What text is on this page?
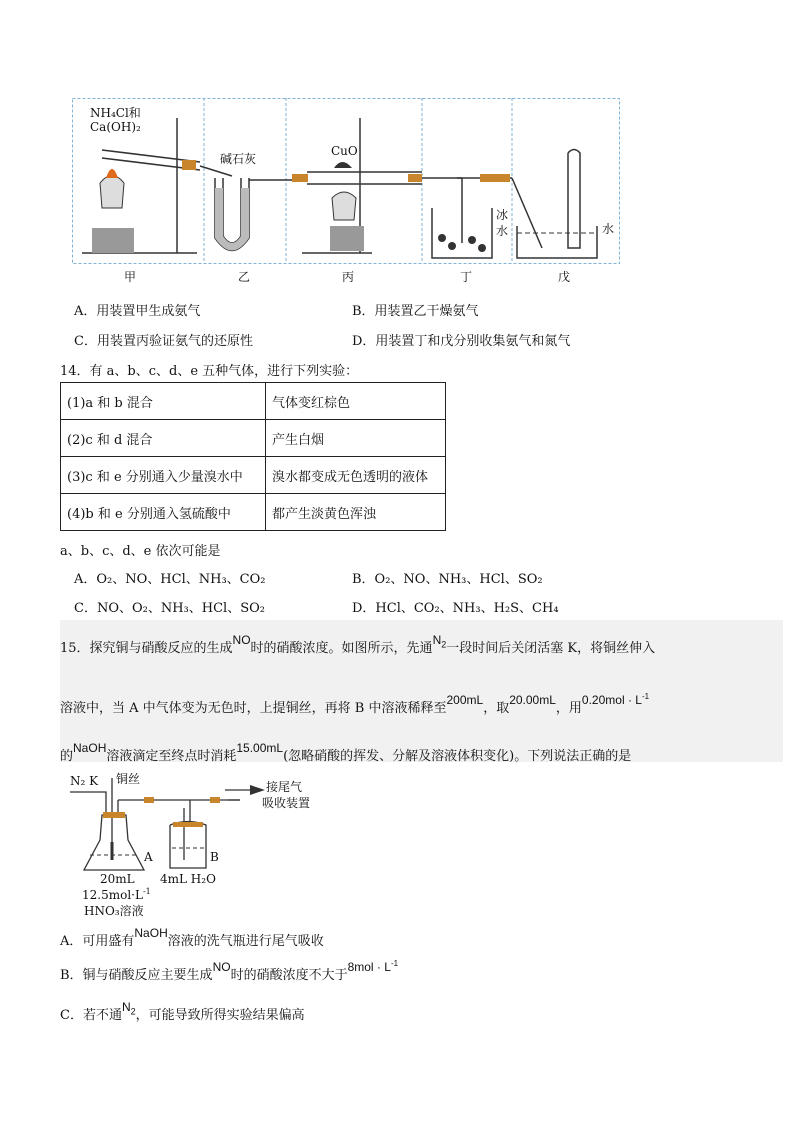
NH₄Cl和
Ca(OH)₂
碱石灰
CuO
冰
水	水
甲	乙	丙	丁	戊
A．用装置甲生成氨气	B．用装置乙干燥氨气
C．用装置丙验证氨气的还原性	D．用装置丁和戊分别收集氨气和氮气
14．有 a、b、c、d、e 五种气体，进行下列实验：
(1)a 和 b 混合	气体变红棕色
(2)c 和 d 混合	产生白烟
(3)c 和 e 分别通入少量溴水中	溴水都变成无色透明的液体
(4)b 和 e 分别通入氢硫酸中	都产生淡黄色浑浊
a、b、c、d、e 依次可能是
A．O₂、NO、HCl、NH₃、CO₂	B．O₂、NO、NH₃、HCl、SO₂
C．NO、O₂、NH₃、HCl、SO₂	D．HCl、CO₂、NH₃、H₂S、CH₄
15．探究铜与硝酸反应的生成NO时的硝酸浓度。如图所示，先通$N_2$一段时间后关闭活塞 K，将铜丝伸入
溶液中，当 A 中气体变为无色时，上提铜丝，再将 B 中溶液稀释至200mL，取20.00mL，用$0.20mol \cdot L^{-1}$
的NaOH溶液滴定至终点时消耗15.00mL(忽略硝酸的挥发、分解及溶液体积变化)。下列说法正确的是
N₂ K 铜丝
接尾气
吸收装置
A	B
20mL 4mL H₂O
$12.5mol\cdot L^{-1}$
HNO₃溶液
A．可用盛有NaOH溶液的洗气瓶进行尾气吸收
B．铜与硝酸反应主要生成NO时的硝酸浓度不大于$8mol \cdot L^{-1}$
C．若不通$N_2$，可能导致所得实验结果偏高
